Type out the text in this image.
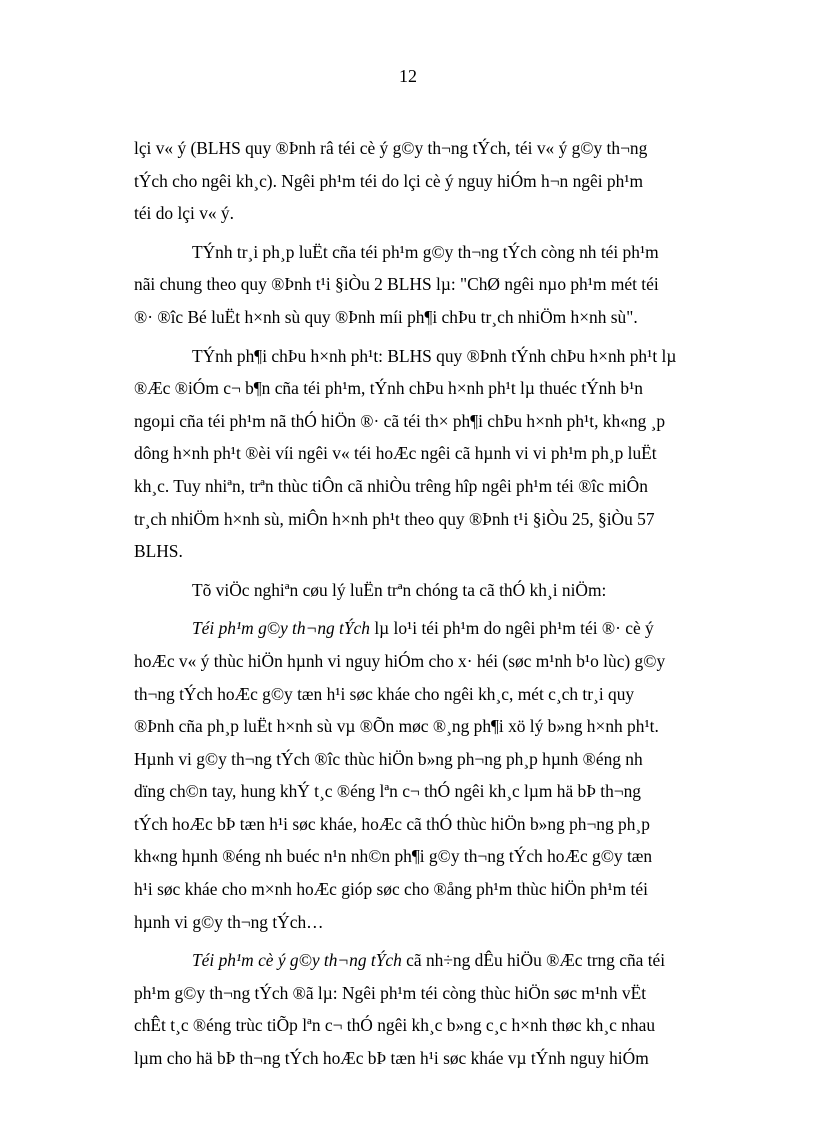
12
lçi v« ý (BLHS quy ®Þnh râ téi cè ý g©y th¬ng tÝch, téi v« ý g©y th¬ng
tÝch cho ngêi kh¸c). Ngêi ph¹m téi do lçi cè ý nguy hiÓm h¬n ngêi ph¹m
téi do lçi v« ý.
TÝnh tr¸i ph¸p luËt cña téi ph¹m g©y th¬ng tÝch còng nh téi ph¹m
nãi chung theo quy ®Þnh t¹i §iÒu 2 BLHS lµ: "ChØ ngêi nµo ph¹m mét téi
®· ®îc Bé luËt h×nh sù quy ®Þnh míi ph¶i chÞu tr¸ch nhiÖm h×nh sù".
TÝnh ph¶i chÞu h×nh ph¹t: BLHS quy ®Þnh tÝnh chÞu h×nh ph¹t lµ
®Æc ®iÓm c¬ b¶n cña téi ph¹m, tÝnh chÞu h×nh ph¹t lµ thuéc tÝnh b¹n
ngoµi cña téi ph¹m nã thÓ hiÖn ®· cã téi th× ph¶i chÞu h×nh ph¹t, kh«ng ¸p
dông h×nh ph¹t ®èi víi ngêi v« téi hoÆc ngêi cã hµnh vi vi ph¹m ph¸p luËt
kh¸c. Tuy nhiªn, trªn thùc tiÔn cã nhiÒu trêng hîp ngêi ph¹m téi ®îc miÔn
tr¸ch nhiÖm h×nh sù, miÔn h×nh ph¹t theo quy ®Þnh t¹i §iÒu 25, §iÒu 57
BLHS.
Tõ viÖc nghiªn cøu lý luËn trªn chóng ta cã thÓ kh¸i niÖm:
Téi ph¹m g©y th¬ng tÝch lµ lo¹i téi ph¹m do ngêi ph¹m téi ®· cè ý
hoÆc v« ý thùc hiÖn hµnh vi nguy hiÓm cho x· héi (søc m¹nh b¹o lùc) g©y
th¬ng tÝch hoÆc g©y tæn h¹i søc kháe cho ngêi kh¸c, mét c¸ch tr¸i quy
®Þnh cña ph¸p luËt h×nh sù vµ ®Õn møc ®¸ng ph¶i xö lý b»ng h×nh ph¹t.
Hµnh vi g©y th¬ng tÝch ®îc thùc hiÖn b»ng ph¬ng ph¸p hµnh ®éng nh
dïng ch©n tay, hung khÝ t¸c ®éng lªn c¬ thÓ ngêi kh¸c lµm hä bÞ th¬ng
tÝch hoÆc bÞ tæn h¹i søc kháe, hoÆc cã thÓ thùc hiÖn b»ng ph¬ng ph¸p
kh«ng hµnh ®éng nh buéc n¹n nh©n ph¶i g©y th¬ng tÝch hoÆc g©y tæn
h¹i søc kháe cho m×nh hoÆc gióp søc cho ®ång ph¹m thùc hiÖn ph¹m téi
hµnh vi g©y th¬ng tÝch…
Téi ph¹m cè ý g©y th¬ng tÝch cã nh÷ng dÊu hiÖu ®Æc trng cña téi
ph¹m g©y th¬ng tÝch ®ã lµ: Ngêi ph¹m téi còng thùc hiÖn søc m¹nh vËt
chÊt t¸c ®éng trùc tiÕp lªn c¬ thÓ ngêi kh¸c b»ng c¸c h×nh thøc kh¸c nhau
lµm cho hä bÞ th¬ng tÝch hoÆc bÞ tæn h¹i søc kháe vµ tÝnh nguy hiÓm
